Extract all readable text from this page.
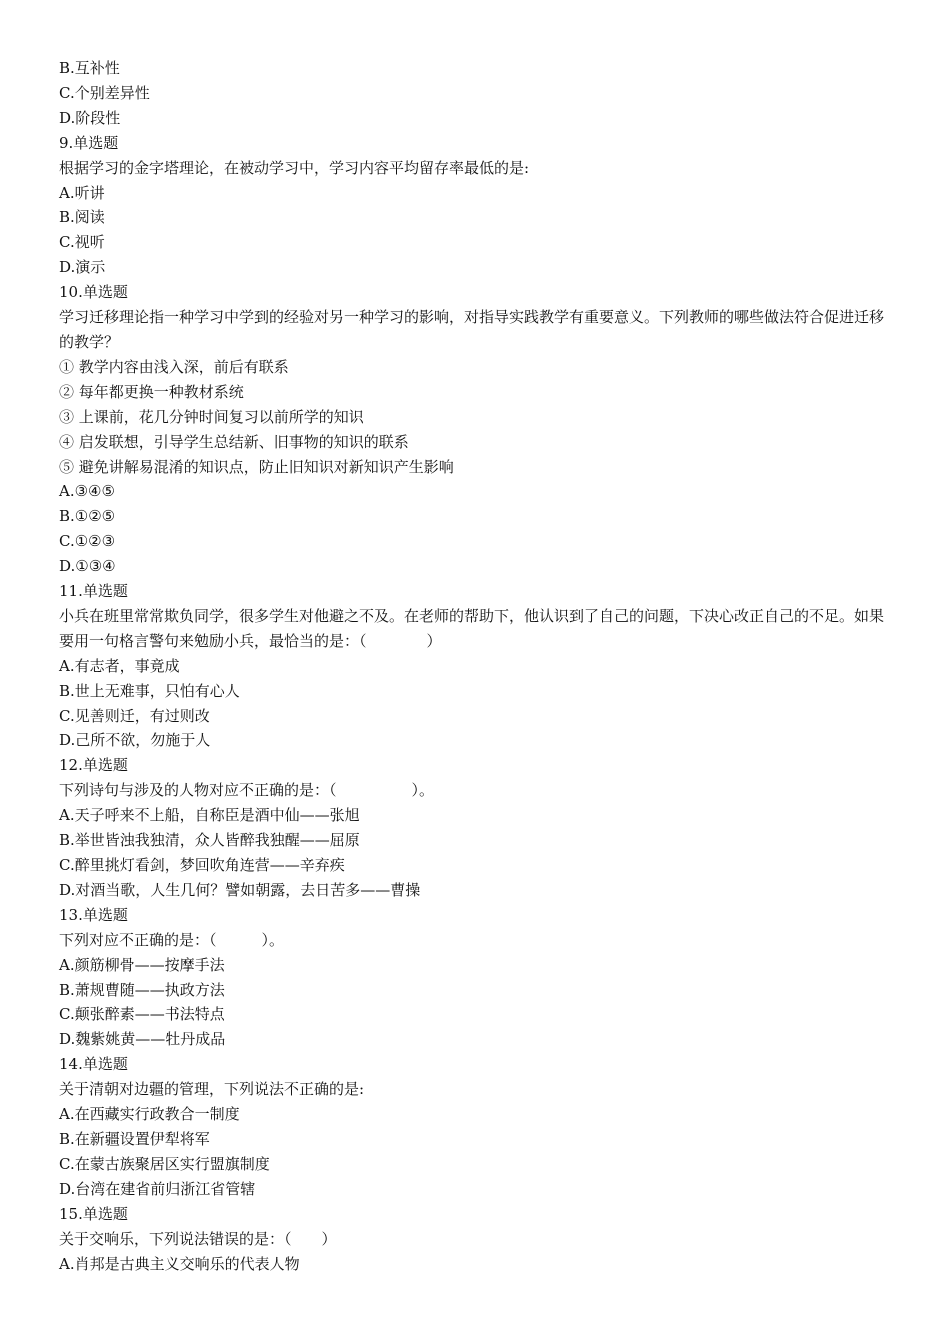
B.互补性
C.个别差异性
D.阶段性
9.单选题
根据学习的金字塔理论，在被动学习中，学习内容平均留存率最低的是:
A.听讲
B.阅读
C.视听
D.演示
10.单选题
学习迁移理论指一种学习中学到的经验对另一种学习的影响，对指导实践教学有重要意义。下列教师的哪些做法符合促进迁移的教学？
① 教学内容由浅入深，前后有联系
② 每年都更换一种教材系统
③ 上课前，花几分钟时间复习以前所学的知识
④ 启发联想，引导学生总结新、旧事物的知识的联系
⑤ 避免讲解易混淆的知识点，防止旧知识对新知识产生影响
A.③④⑤
B.①②⑤
C.①②③
D.①③④
11.单选题
小兵在班里常常欺负同学，很多学生对他避之不及。在老师的帮助下，他认识到了自己的问题，下决心改正自己的不足。如果要用一句格言警句来勉励小兵，最恰当的是：（　　　　）
A.有志者，事竟成
B.世上无难事，只怕有心人
C.见善则迁，有过则改
D.己所不欲，勿施于人
12.单选题
下列诗句与涉及的人物对应不正确的是：（　　　　　）。
A.天子呼来不上船，自称臣是酒中仙——张旭
B.举世皆浊我独清，众人皆醉我独醒——屈原
C.醉里挑灯看剑，梦回吹角连营——辛弃疾
D.对酒当歌，人生几何？譬如朝露，去日苦多——曹操
13.单选题
下列对应不正确的是：（　　　）。
A.颜筋柳骨——按摩手法
B.萧规曹随——执政方法
C.颠张醉素——书法特点
D.魏紫姚黄——牡丹成品
14.单选题
关于清朝对边疆的管理，下列说法不正确的是:
A.在西藏实行政教合一制度
B.在新疆设置伊犁将军
C.在蒙古族聚居区实行盟旗制度
D.台湾在建省前归浙江省管辖
15.单选题
关于交响乐，下列说法错误的是：（　　）
A.肖邦是古典主义交响乐的代表人物
